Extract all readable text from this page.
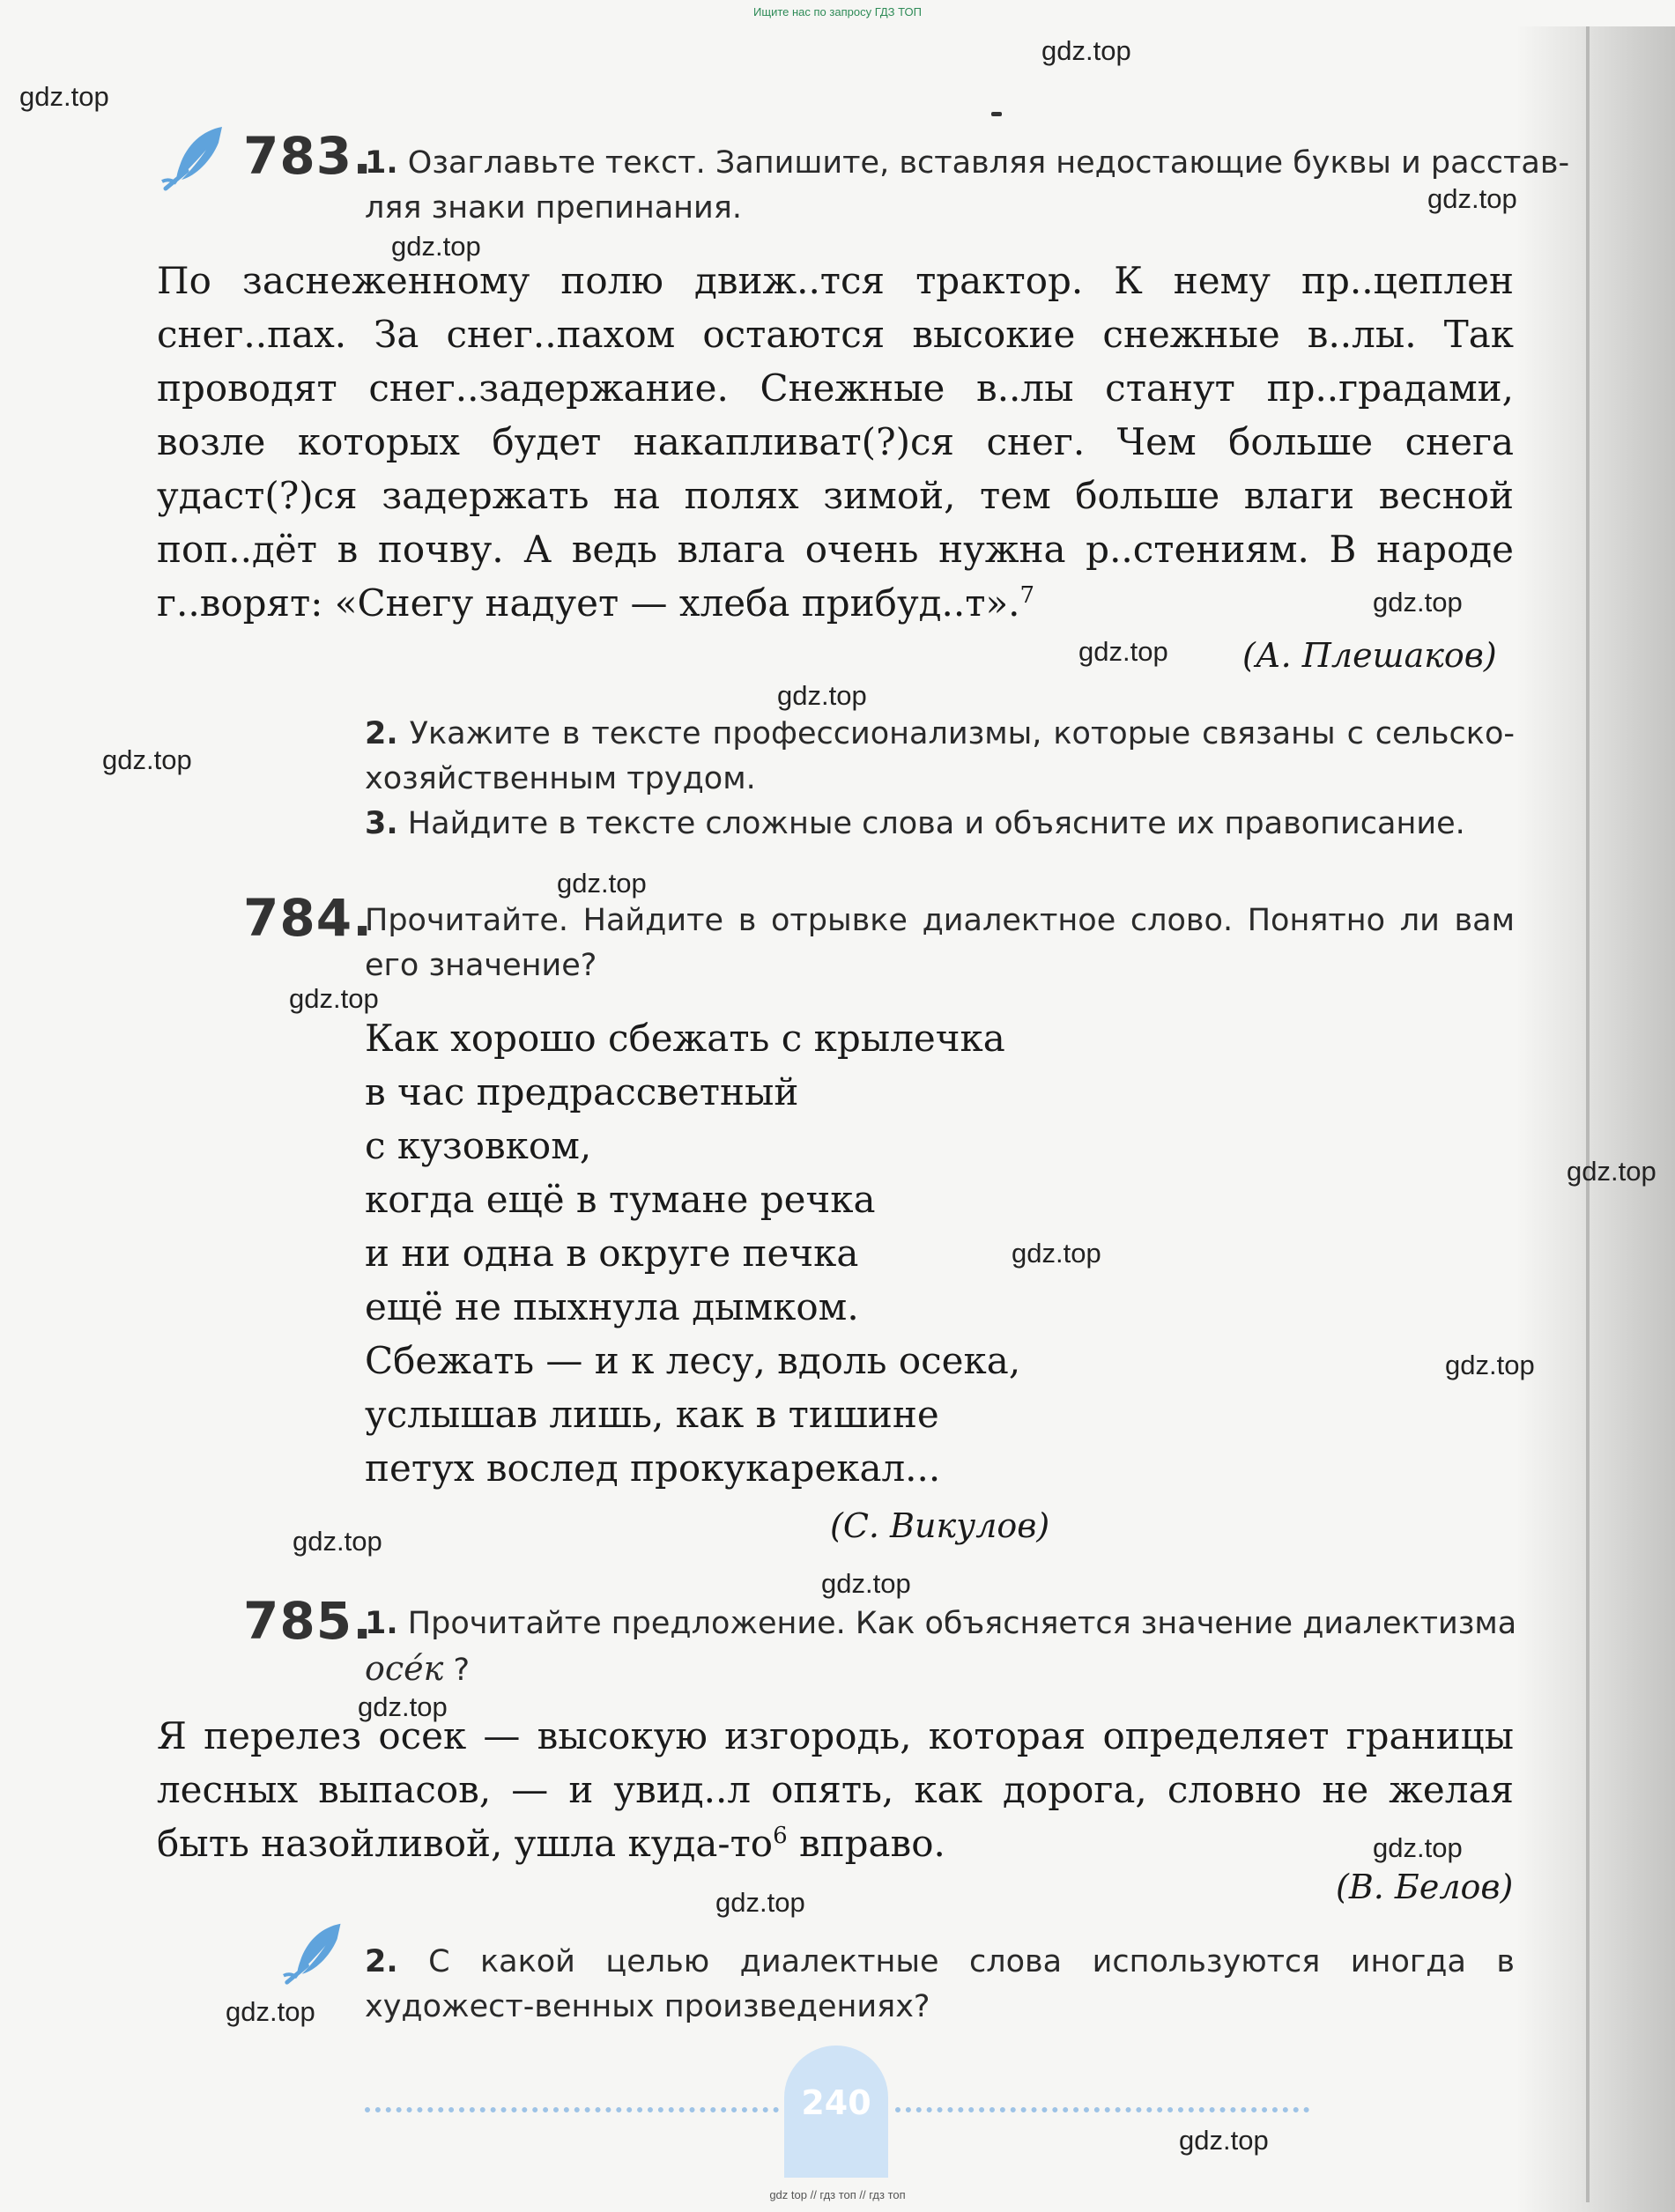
Ищите нас по запросу ГДЗ ТОП
gdz.top
gdz.top
gdz.top
gdz.top
gdz.top
gdz.top
gdz.top
gdz.top
gdz.top
gdz.top
gdz.top
gdz.top
gdz.top
gdz.top
gdz.top
gdz.top
gdz.top
gdz.top
gdz.top
gdz.top
783.
1. Озаглавьте текст. Запишите, вставляя недостающие буквы и расстав-
ляя знаки препинания.
По заснеженному полю движ..тся трактор. К нему пр..цеплен снег..пах. За снег..пахом остаются высокие снежные в..лы. Так проводят снег..задержание. Снежные в..лы станут пр..градами, возле которых будет накапливат(?)ся снег. Чем больше снега удаст(?)ся задержать на полях зимой, тем больше влаги весной поп..дёт в почву. А ведь влага очень нужна р..стениям. В народе г..ворят: «Снегу надует — хлеба прибуд..т».$^7$
(А. Плешаков)
2. Укажите в тексте профессионализмы, которые связаны с сельско-хозяйственным трудом.
3. Найдите в тексте сложные слова и объясните их правописание.
784.
Прочитайте. Найдите в отрывке диалектное слово. Понятно ли вам его значение?
Как хорошо сбежать с крылечка
в час предрассветный
с кузовком,
когда ещё в тумане речка
и ни одна в округе печка
ещё не пыхнула дымком.
Сбежать — и к лесу, вдоль осека,
услышав лишь, как в тишине
петух вослед прокукарекал...
(С. Викулов)
785.
1. Прочитайте предложение. Как объясняется значение диалектизма
осéк ?
Я перелез осек — высокую изгородь, которая определяет границы лесных выпасов, — и увид..л опять, как дорога, словно не желая быть назойливой, ушла куда-$то^6$ вправо.
(В. Белов)
2. С какой целью диалектные слова используются иногда в художест-венных произведениях?
240
gdz top // гдз топ // гдз топ
